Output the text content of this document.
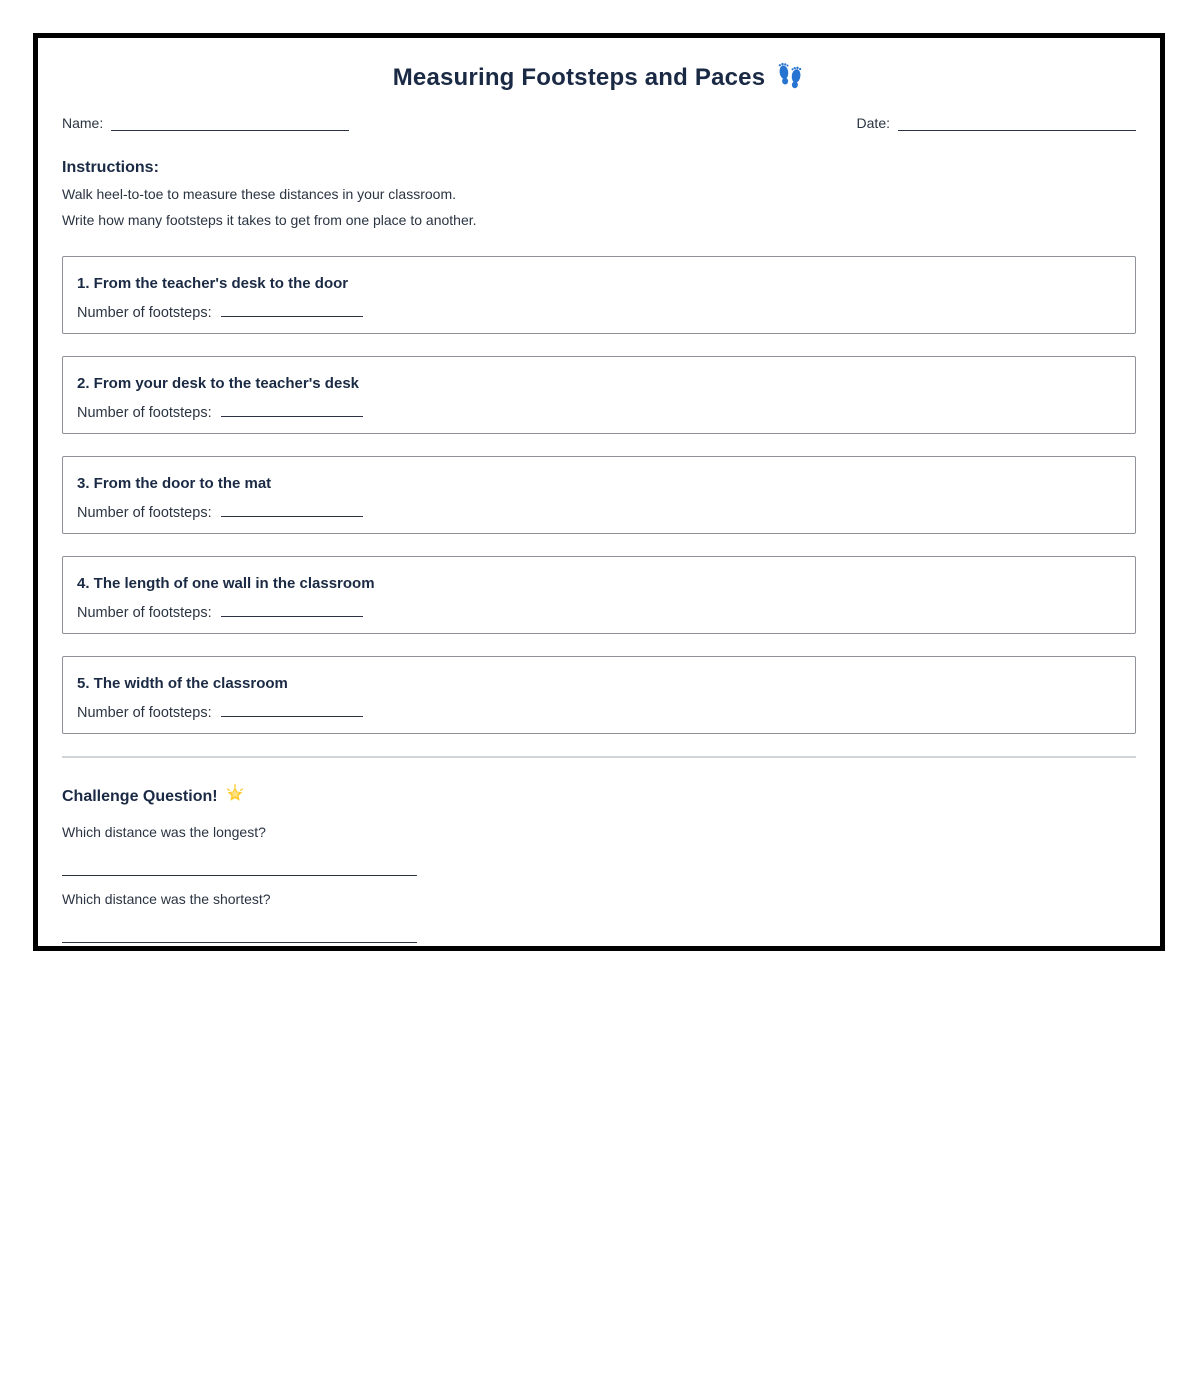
Measuring Footsteps and Paces
Name:	Date:
Instructions:
Walk heel-to-toe to measure these distances in your classroom.
Write how many footsteps it takes to get from one place to another.
1. From the teacher's desk to the door
Number of footsteps:
2. From your desk to the teacher's desk
Number of footsteps:
3. From the door to the mat
Number of footsteps:
4. The length of one wall in the classroom
Number of footsteps:
5. The width of the classroom
Number of footsteps:
Challenge Question!
Which distance was the longest?
Which distance was the shortest?
